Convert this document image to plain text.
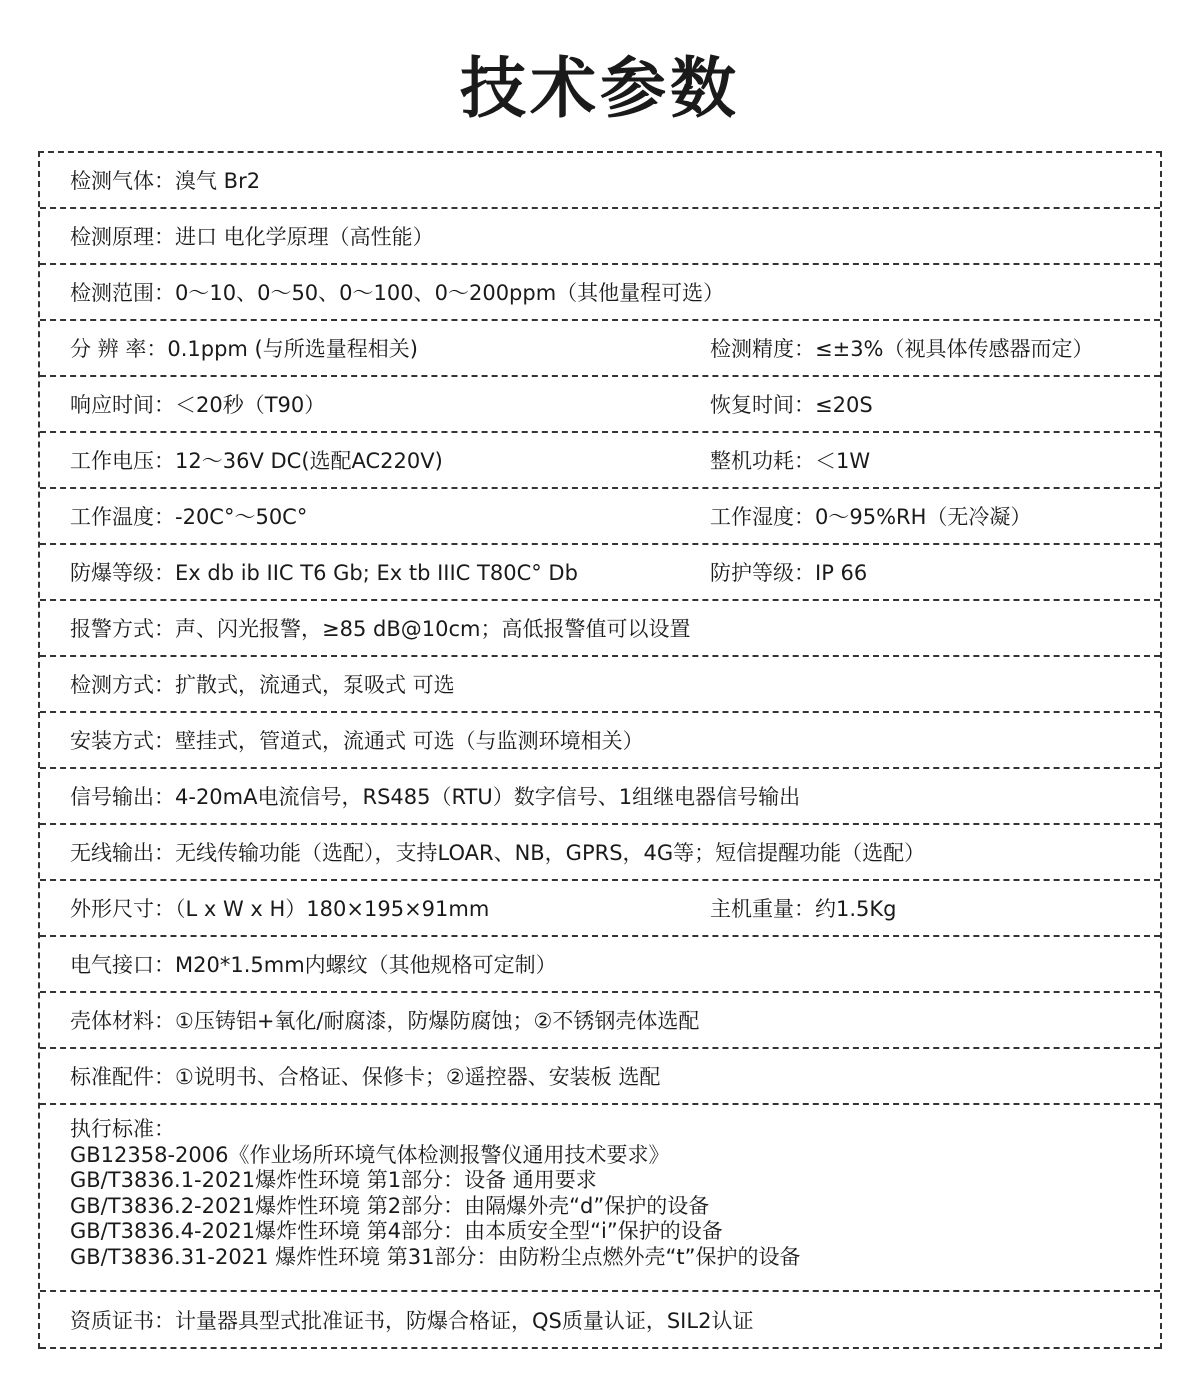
技术参数
检测气体：溴气 Br2
检测原理：进口 电化学原理（高性能）
检测范围：0～10、0～50、0～100、0～200ppm（其他量程可选）
分 辨 率：0.1ppm (与所选量程相关)	检测精度：≤±3%（视具体传感器而定）
响应时间：＜20秒（T90）	恢复时间：≤20S
工作电压：12～36V DC(选配AC220V)	整机功耗：＜1W
工作温度：-20C°～50C°	工作湿度：0～95%RH（无冷凝）
防爆等级：Ex db ib IIC T6 Gb; Ex tb IIIC T80C° Db	防护等级：IP 66
报警方式：声、闪光报警，≥85 dB@10cm；高低报警值可以设置
检测方式：扩散式，流通式，泵吸式 可选
安装方式：壁挂式，管道式，流通式 可选（与监测环境相关）
信号输出：4-20mA电流信号，RS485（RTU）数字信号、1组继电器信号输出
无线输出：无线传输功能（选配），支持LOAR、NB，GPRS，4G等；短信提醒功能（选配）
外形尺寸：（L x W x H）180×195×91mm	主机重量：约1.5Kg
电气接口：M20*1.5mm内螺纹（其他规格可定制）
壳体材料：①压铸铝+氧化/耐腐漆，防爆防腐蚀；②不锈钢壳体选配
标准配件：①说明书、合格证、保修卡；②遥控器、安装板 选配
执行标准：
GB12358-2006《作业场所环境气体检测报警仪通用技术要求》
GB/T3836.1-2021爆炸性环境 第1部分：设备 通用要求
GB/T3836.2-2021爆炸性环境 第2部分：由隔爆外壳“d”保护的设备
GB/T3836.4-2021爆炸性环境 第4部分：由本质安全型“i”保护的设备
GB/T3836.31-2021 爆炸性环境 第31部分：由防粉尘点燃外壳“t”保护的设备
资质证书：计量器具型式批准证书，防爆合格证，QS质量认证，SIL2认证
